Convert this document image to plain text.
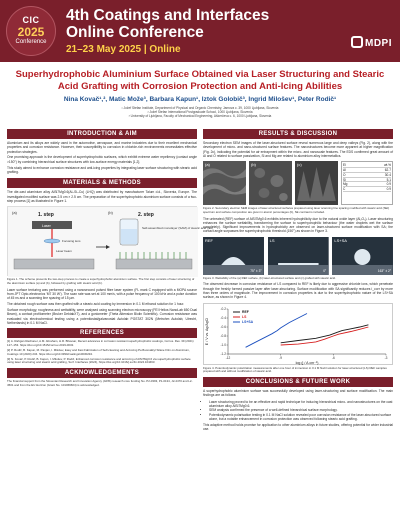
CIC
2025
Conference
4th Coatings and Interfaces Online Conference
21–23 May 2025 | Online
MDPI
Superhydrophobic Aluminium Surface Obtained via Laser Structuring and Stearic Acid Grafting with Corrosion Protection and Anti-Icing Abilities
Nina Kovač¹,², Matic Može³, Barbara Kapun¹, Iztok Golobič³, Ingrid Milošev¹, Peter Rodič¹
¹ Jožef Stefan Institute, Department of Physical and Organic Chemistry, Jamova c. 39, 1000 Ljubljana, Slovenia
² Jožef Stefan International Postgraduate School, 1000 Ljubljana, Slovenia
³ University of Ljubljana, Faculty of Mechanical Engineering, Aškerčeva c. 6, 1000 Ljubljana, Slovenia
INTRODUCTION & AIM

Aluminium and its alloys are widely used in the automotive, aerospace, and marine industries due to their excellent mechanical properties and corrosion resistance. However, their susceptibility to corrosion in chloride-rich environments necessitates effective protection strategies.

One promising approach is the development of superhydrophobic surfaces, which exhibit extreme water repellency (contact angle >150°) by combining hierarchical surface structures with low-surface energy materials [1,2].

This study aimed to enhance corrosion resistance and anti-icing properties by integrating laser surface structuring with stearic acid grafting.

MATERIALS & METHODS

The die-cast aluminium alloy AlSi7Mg0.6(Al–Si–Cu) (LHQ) was distributed by manufacturer Talum d.d., Slovenia, Europe. The investigated modified surface was 2.5 cm × 2.5 cm. The preparation of the superhydrophobic aluminium surface consists of a two-step process [1] as illustrated in Figure 1.

(a)	(b)
1. step	2. step
Laser
Focusing lens
Laser beam
Self-assembled monolayer (SAM) of stearic acid (SA)
Figure 1. The scheme presents the two-step process to create a superhydrophobic aluminium surface. The first step consists of laser structuring of the aluminium surface (a) and (b), followed by grafting with stearic acid (b).

Laser surface texturing was performed using a nanosecond pulsed fibre laser system (FL mark C equipped with a MOPA source from JPT Opto-electronics 'M7 30 W'). The scan rate was set at 100 mm/s, with a pulse frequency of 100 kHz and a pulse duration of 45 ns and a scanning line spacing of 15 µm.

The obtained rough surface was then grafted with a stearic acid coating by immersion in 0.1 M ethanol solution for 1 hour.

Surface morphology, roughness and wettability, were analysed using scanning electron microscopy (FEI Helios NanoLab 650 Dual Beam), a contact profilometer (Bruker DektakXT), and a goniometer (Theta Attension Biolin Scientific). Corrosion resistance was evaluated via electrochemical testing using a potentiostat/galvanostat Autolab PGSTAT 302N (Metrohm Autolab, Utrecht, Netherlands) in 0.1 M NaCl.

REFERENCES

[1] A. Rahgan Rachaner, A.M. Abraham, H.R. Bhavsar, Recent advances in corrosion resistant superhydrophobic coatings, Corros. Rev. 39 (2021) 127–153. https://doi.org/10.1515/corrrev-2019-0032.

[2] P. Rodič, B. Kapun, M. Panjan, I. Milošev, Easy and Fast Fabrication of Self-cleaning and Anti-icing Perfluoroalkyl Silane Film on Aluminium, Coatings 10 (2020) 234. https://doi.org/10.3390/coatings10030234.

[3] N. Kovač, P. Rodič, B. Kapun, I. Milošev, P. Rodič, Enhanced corrosion resistance and anti-icing of AlSi7Mg0.6 via superhydrophobic surface using laser structuring and stearic acid grafting, Surf. Interfaces (2024), https://doi.org/10.1016/j.surfin.2024.104463.

ACKNOWLEDGEMENTS
The financial support from the Slovenian Research and Innovation Agency (ARIS) research core funding No. P2-0393, P1-0134, J2-4470 and L2-4501 and from the EU Horizon (Grant No. 101069604) is acknowledged.
RESULTS & DISCUSSION
Secondary electron SEM images of the laser-structured surface reveal numerous large and deep valleys (Fig. 2), along with the development of micro- and nano-structured surface features. The nanostructures become more apparent at higher magnification (Fig. 2c), indicating the potential for air entrapment within the micro- and nanoscale features. The EDS confirmed great amount of Al and O related to surface passivation, Si and Mg are related to aluminium alloy intermetallics.
(a)	(b)	(c)	El	wt.%
Al	62.7
O	30.4
Si	5.1
Mg	0.9
C	0.9
Figure 2. Secondary electron SEM images of laser-structured surfaces prepared using laser scanning line spacing modified with stearic acid (SEI) spectrum and surface composition are given in atomic percentages (b), SE contrast is included.
The untreated (REF) surface of AlSi7Mg0.6 exhibits inherent hydrophilicity due to the natural oxide layer (Al₂O₃). Laser structuring enhances the surface wettability, transforming the surface to superhydrophilic behaviour (the water droplets wet the surface completely). Significant improvements in hydrophobicity are observed on laser-structured surface modification with SA; the contact angle surpasses the superhydrophobic threshold (150°) as shown in Figure 3.
REF
75° ± 3°
LS
0°
LS+SA
163° ± 2°
Figure 3. Wettability of the (a) REF surface, (b) laser-structured surface and (c) grafted with stearic acid.
The observed decrease in corrosion resistance of LS compared to REF is likely due to aggressive chloride ions, which penetrate through the freshly formed passive layer after laser-structuring. Surface modification with SA significantly reduces i_corr by more than three orders of magnitude. The improvement in corrosion properties is due to the superhydrophobic nature of the LS+SA surface, as shown in Figure 4.
-12	-9	-6	-3
-1.2
-1.0
-0.8
-0.6
-0.4
-0.2
log (j / A cm⁻²)
E / V vs. Ag/AgCl
REF
LS
LS+SA
Figure 4. Potentiodynamic polarization measurements after one hour of immersion in 0.1 M NaCl solution for laser-structured (LS) REF samples prepared with and without modification of stearic acid.
CONCLUSIONS & FUTURE WORK
A superhydrophobic aluminium surface was successfully developed using laser-structuring and surface modification. The main findings are as follows:
• Laser structuring proved to be an effective and rapid technique for inducing hierarchical micro- and nanostructures on the cast aluminium alloy AlSi7Mg0.6.
• SEM analysis confirmed the presence of a well-defined hierarchical surface morphology.
• Potentiodynamic polarisation testing in 0.1 M NaCl solution revealed poor corrosion resistance of the laser-structured surface alone, but a notable enhancement in corrosion protection was observed following stearic acid grafting.
This adaptive method holds promise for application to other aluminium alloys in future studies, offering potential for wider industrial use.
